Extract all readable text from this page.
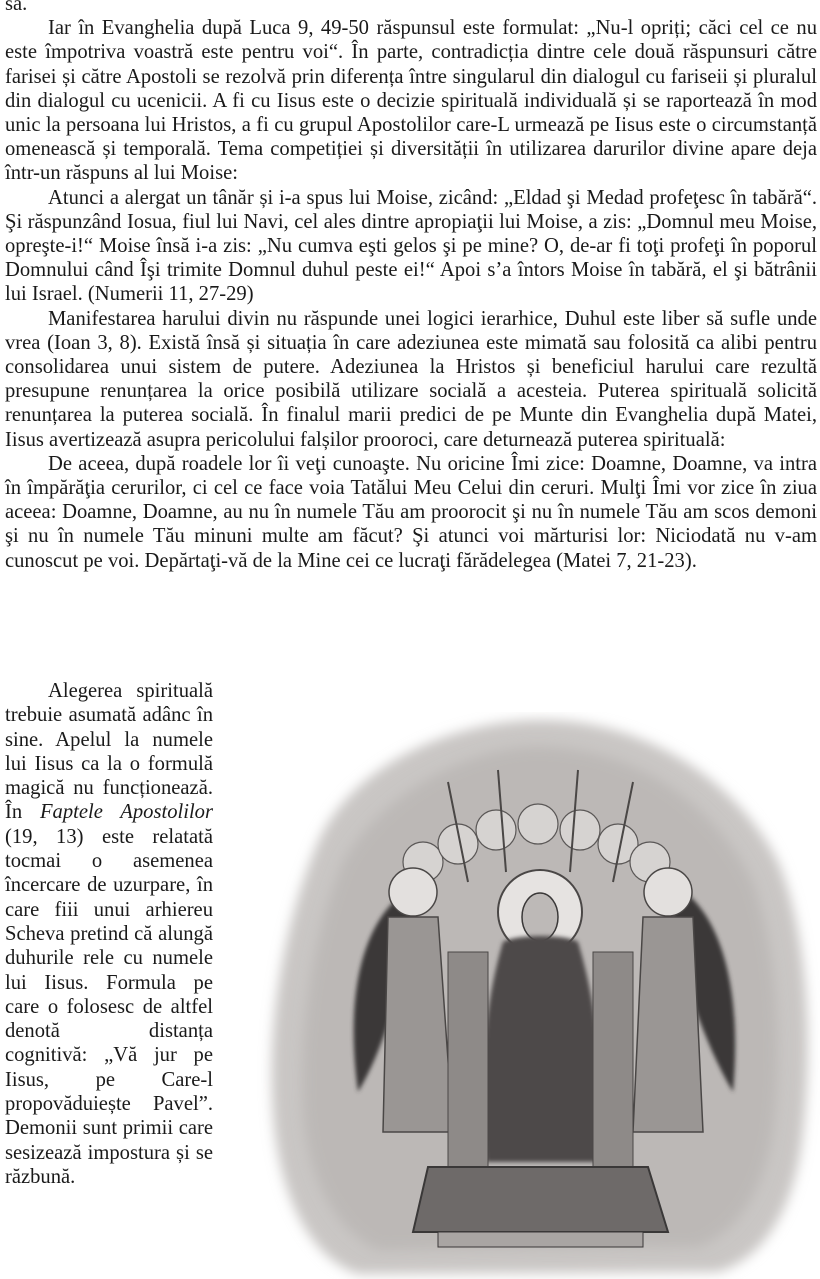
sa.

Iar în Evanghelia după Luca 9, 49-50 răspunsul este formulat: „Nu-l opriți; căci cel ce nu este împotriva voastră este pentru voi“. În parte, contradicția dintre cele două răspunsuri către farisei și către Apostoli se rezolvă prin diferența între singularul din dialogul cu fariseii și pluralul din dialogul cu ucenicii. A fi cu Iisus este o decizie spirituală individuală și se raportează în mod unic la persoana lui Hristos, a fi cu grupul Apostolilor care-L urmează pe Iisus este o circumstanță omenească și temporală. Tema competiției și diversității în utilizarea darurilor divine apare deja într-un răspuns al lui Moise:

Atunci a alergat un tânăr și i-a spus lui Moise, zicând: „Eldad şi Medad profeţesc în tabără“. Şi răspunzând Iosua, fiul lui Navi, cel ales dintre apropiaţii lui Moise, a zis: „Domnul meu Moise, opreşte-i!“ Moise însă i-a zis: „Nu cumva eşti gelos şi pe mine? O, de-ar fi toţi profeţi în poporul Domnului când Îşi trimite Domnul duhul peste ei!“ Apoi s’a întors Moise în tabără, el şi bătrânii lui Israel. (Numerii 11, 27-29)

Manifestarea harului divin nu răspunde unei logici ierarhice, Duhul este liber să sufle unde vrea (Ioan 3, 8). Există însă și situația în care adeziunea este mimată sau folosită ca alibi pentru consolidarea unui sistem de putere. Adeziunea la Hristos și beneficiul harului care rezultă presupune renunțarea la orice posibilă utilizare socială a acesteia. Puterea spirituală solicită renunțarea la puterea socială. În finalul marii predici de pe Munte din Evanghelia după Matei, Iisus avertizează asupra pericolului falșilor prooroci, care deturnează puterea spirituală:

De aceea, după roadele lor îi veţi cunoaşte. Nu oricine Îmi zice: Doamne, Doamne, va intra în împărăţia cerurilor, ci cel ce face voia Tatălui Meu Celui din ceruri. Mulţi Îmi vor zice în ziua aceea: Doamne, Doamne, au nu în numele Tău am proorocit şi nu în numele Tău am scos demoni şi nu în numele Tău minuni multe am făcut? Şi atunci voi mărturisi lor: Niciodată nu v-am cunoscut pe voi. Depărtaţi-vă de la Mine cei ce lucraţi fărădelegea (Matei 7, 21-23).

Alegerea spirituală trebuie asumată adânc în sine. Apelul la numele lui Iisus ca la o formulă magică nu funcționează. În Faptele Apostolilor (19, 13) este relatată tocmai o asemenea încercare de uzurpare, în care fiii unui arhiereu Scheva pretind că alungă duhurile rele cu numele lui Iisus. Formula pe care o folosesc de altfel denotă distanța cognitivă: „Vă jur pe Iisus, pe Care-l propovăduiește Pavel”. Demonii sunt primii care sesizează impostura și se răzbună.
